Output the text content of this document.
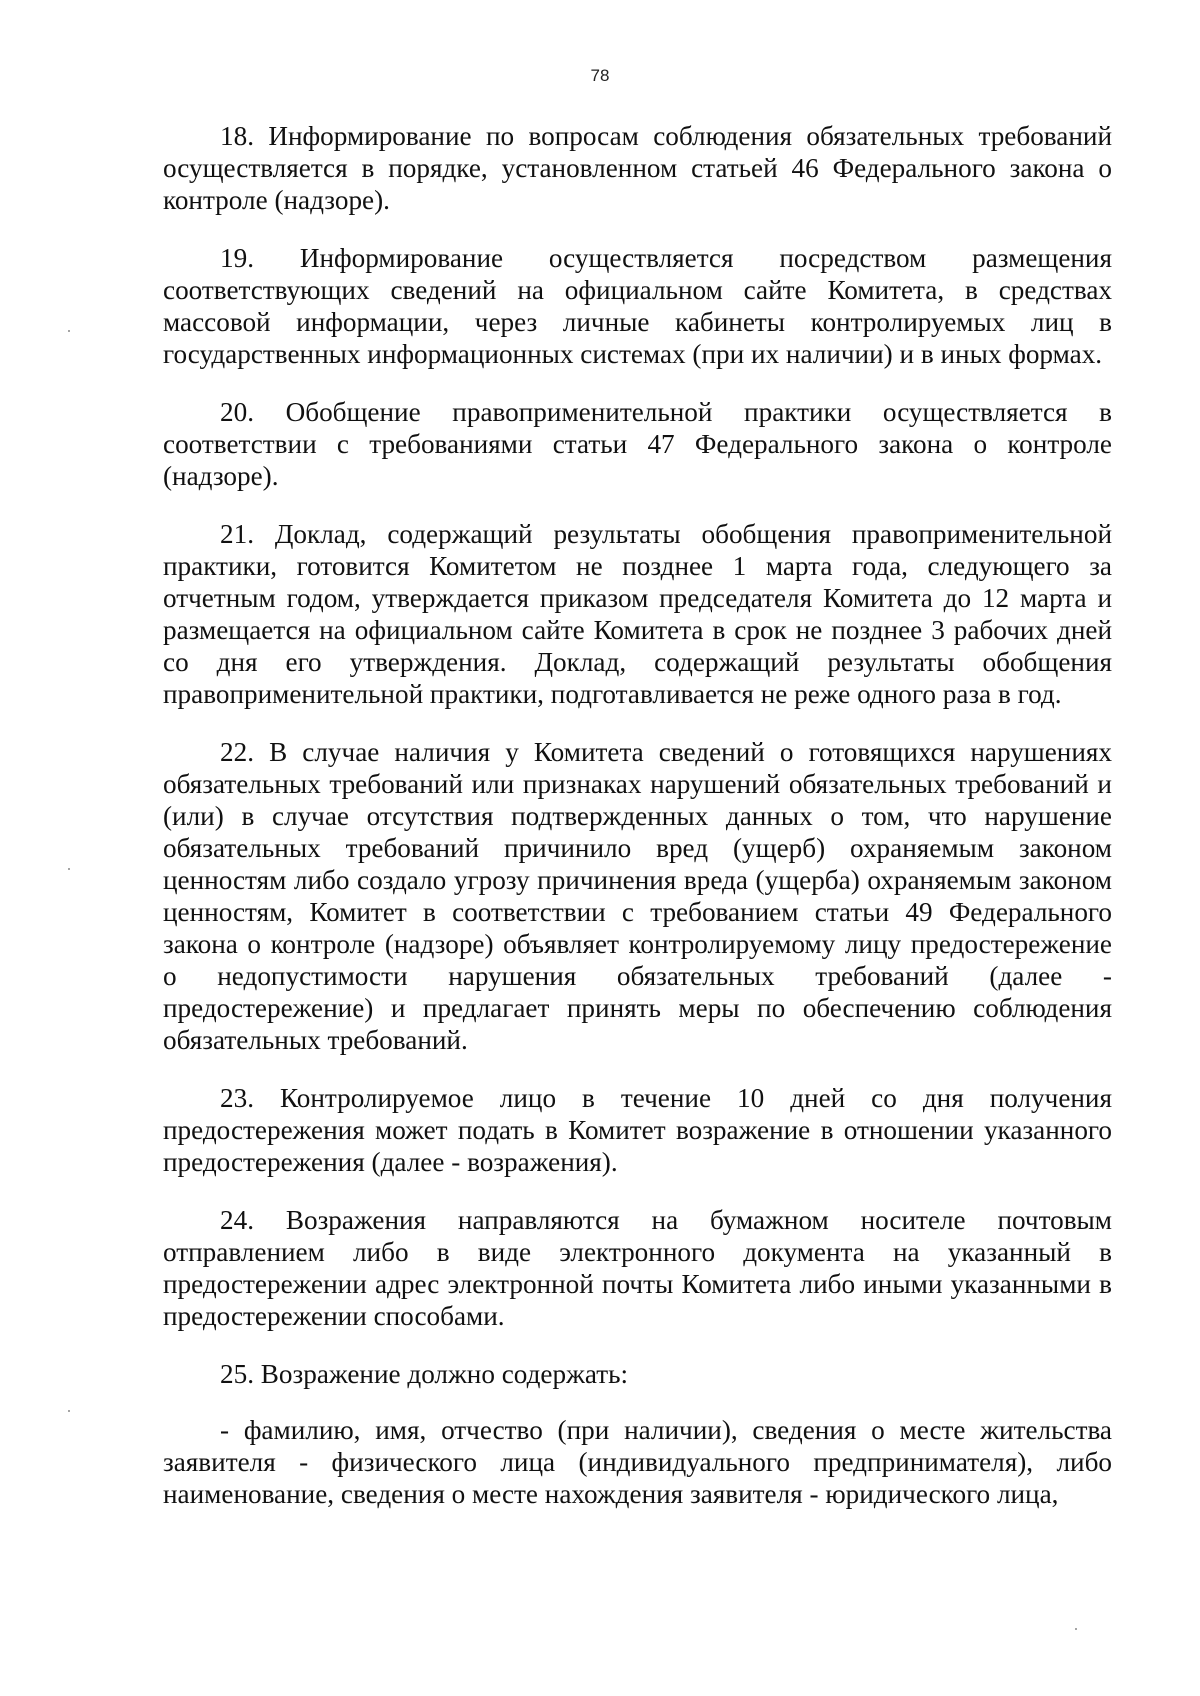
78

18. Информирование по вопросам соблюдения обязательных требований осуществляется в порядке, установленном статьей 46 Федерального закона о контроле (надзоре).

19. Информирование осуществляется посредством размещения соответствующих сведений на официальном сайте Комитета, в средствах массовой информации, через личные кабинеты контролируемых лиц в государственных информационных системах (при их наличии) и в иных формах.

20. Обобщение правоприменительной практики осуществляется в соответствии с требованиями статьи 47 Федерального закона о контроле (надзоре).

21. Доклад, содержащий результаты обобщения правоприменительной практики, готовится Комитетом не позднее 1 марта года, следующего за отчетным годом, утверждается приказом председателя Комитета до 12 марта и размещается на официальном сайте Комитета в срок не позднее 3 рабочих дней со дня его утверждения. Доклад, содержащий результаты обобщения правоприменительной практики, подготавливается не реже одного раза в год.

22. В случае наличия у Комитета сведений о готовящихся нарушениях обязательных требований или признаках нарушений обязательных требований и (или) в случае отсутствия подтвержденных данных о том, что нарушение обязательных требований причинило вред (ущерб) охраняемым законом ценностям либо создало угрозу причинения вреда (ущерба) охраняемым законом ценностям, Комитет в соответствии с требованием статьи 49 Федерального закона о контроле (надзоре) объявляет контролируемому лицу предостережение о недопустимости нарушения обязательных требований (далее - предостережение) и предлагает принять меры по обеспечению соблюдения обязательных требований.

23. Контролируемое лицо в течение 10 дней со дня получения предостережения может подать в Комитет возражение в отношении указанного предостережения (далее - возражения).

24. Возражения направляются на бумажном носителе почтовым отправлением либо в виде электронного документа на указанный в предостережении адрес электронной почты Комитета либо иными указанными в предостережении способами.

25. Возражение должно содержать:

- фамилию, имя, отчество (при наличии), сведения о месте жительства заявителя - физического лица (индивидуального предпринимателя), либо наименование, сведения о месте нахождения заявителя - юридического лица,
